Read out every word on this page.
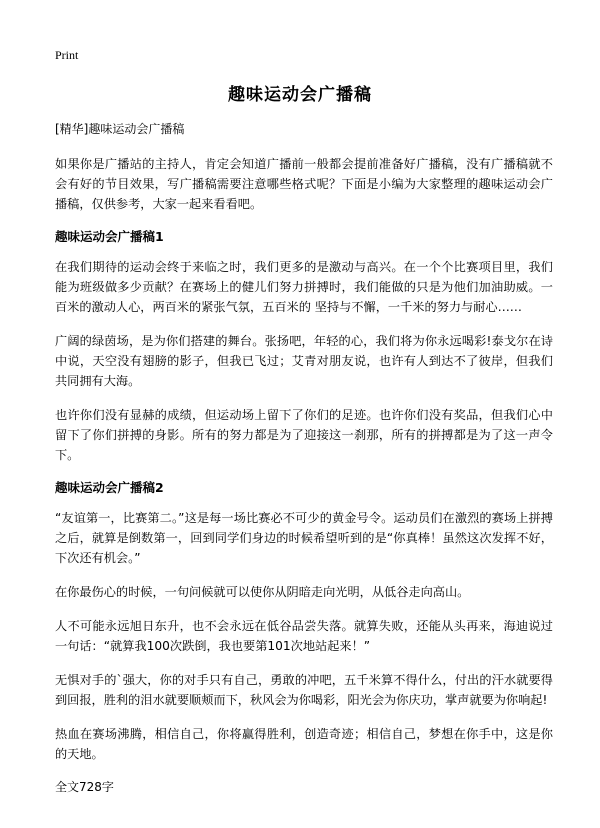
Print
趣味运动会广播稿

[精华]趣味运动会广播稿

如果你是广播站的主持人，肯定会知道广播前一般都会提前准备好广播稿，没有广播稿就不会有好的节目效果，写广播稿需要注意哪些格式呢？下面是小编为大家整理的趣味运动会广播稿，仅供参考，大家一起来看看吧。

趣味运动会广播稿1

在我们期待的运动会终于来临之时，我们更多的是激动与高兴。在一个个比赛项目里，我们能为班级做多少贡献？在赛场上的健儿们努力拼搏时，我们能做的只是为他们加油助威。一百米的激动人心，两百米的紧张气氛，五百米的 坚持与不懈，一千米的努力与耐心……

广阔的绿茵场，是为你们搭建的舞台。张扬吧，年轻的心，我们将为你永远喝彩!泰戈尔在诗中说，天空没有翅膀的影子，但我已飞过；艾青对朋友说，也许有人到达不了彼岸，但我们共同拥有大海。

也许你们没有显赫的成绩，但运动场上留下了你们的足迹。也许你们没有奖品，但我们心中留下了你们拼搏的身影。所有的努力都是为了迎接这一刹那，所有的拼搏都是为了这一声令下。

趣味运动会广播稿2

“友谊第一，比赛第二。”这是每一场比赛必不可少的黄金号令。运动员们在激烈的赛场上拼搏之后，就算是倒数第一，回到同学们身边的时候希望听到的是“你真棒！虽然这次发挥不好，下次还有机会。”

在你最伤心的时候，一句问候就可以使你从阴暗走向光明，从低谷走向高山。

人不可能永远旭日东升，也不会永远在低谷品尝失落。就算失败，还能从头再来，海迪说过一句话：“就算我100次跌倒，我也要第101次地站起来！”

无惧对手的`强大，你的对手只有自己，勇敢的冲吧，五千米算不得什么，付出的汗水就要得到回报，胜利的泪水就要顺颊而下，秋风会为你喝彩，阳光会为你庆功，掌声就要为你响起!

热血在赛场沸腾，相信自己，你将赢得胜利，创造奇迹；相信自己，梦想在你手中，这是你的天地。

全文728字
